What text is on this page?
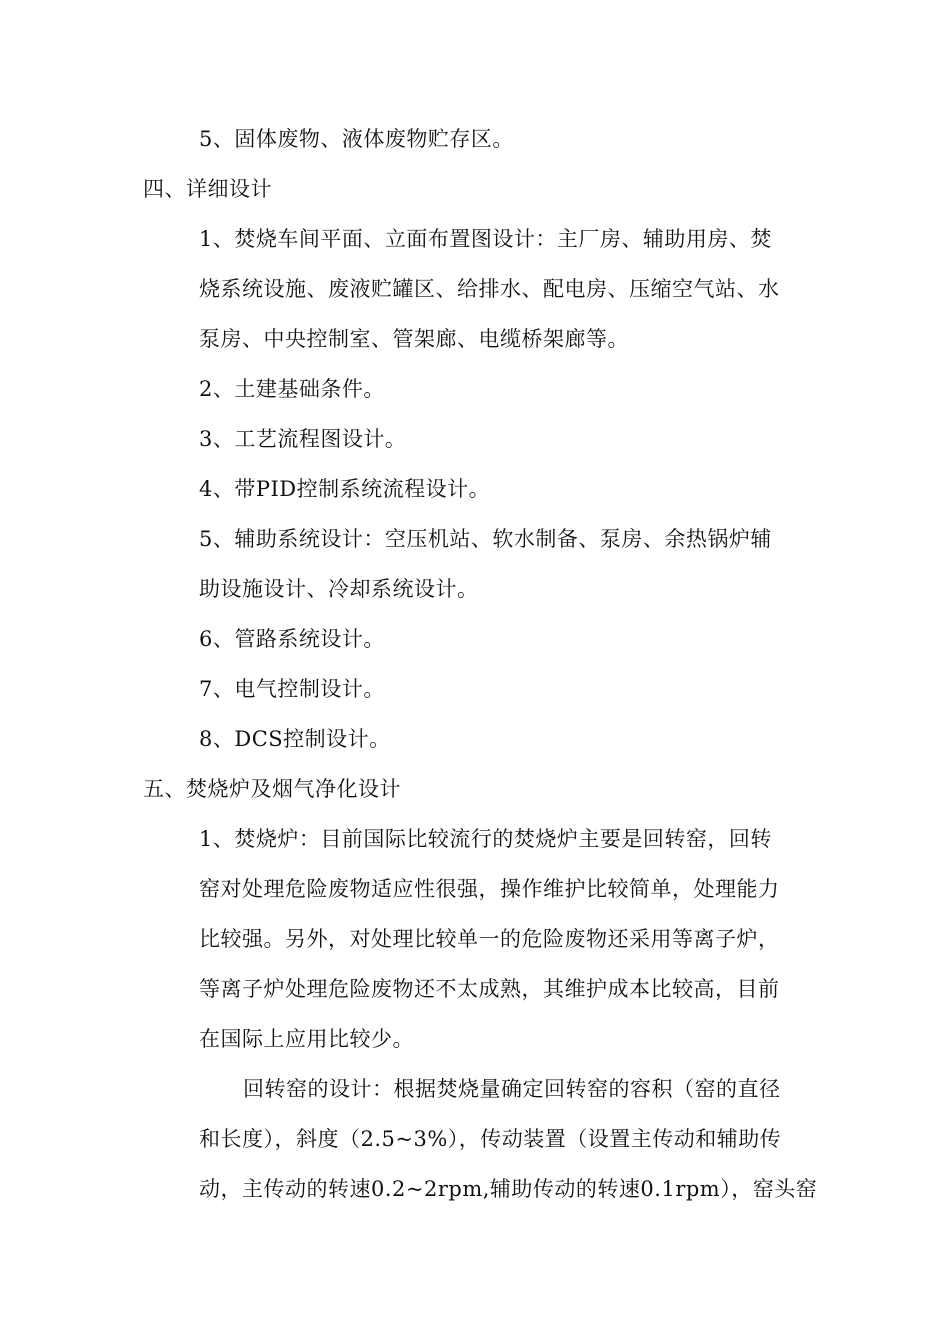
5、固体废物、液体废物贮存区。
四、详细设计
1、焚烧车间平面、立面布置图设计：主厂房、辅助用房、焚
烧系统设施、废液贮罐区、给排水、配电房、压缩空气站、水
泵房、中央控制室、管架廊、电缆桥架廊等。
2、土建基础条件。
3、工艺流程图设计。
4、带PID控制系统流程设计。
5、辅助系统设计：空压机站、软水制备、泵房、余热锅炉辅
助设施设计、冷却系统设计。
6、管路系统设计。
7、电气控制设计。
8、DCS控制设计。
五、焚烧炉及烟气净化设计
1、焚烧炉：目前国际比较流行的焚烧炉主要是回转窑，回转
窑对处理危险废物适应性很强，操作维护比较简单，处理能力
比较强。另外，对处理比较单一的危险废物还采用等离子炉，
等离子炉处理危险废物还不太成熟，其维护成本比较高，目前
在国际上应用比较少。
回转窑的设计：根据焚烧量确定回转窑的容积（窑的直径
和长度），斜度（2.5~3%），传动装置（设置主传动和辅助传
动，主传动的转速0.2~2rpm,辅助传动的转速0.1rpm），窑头窑
